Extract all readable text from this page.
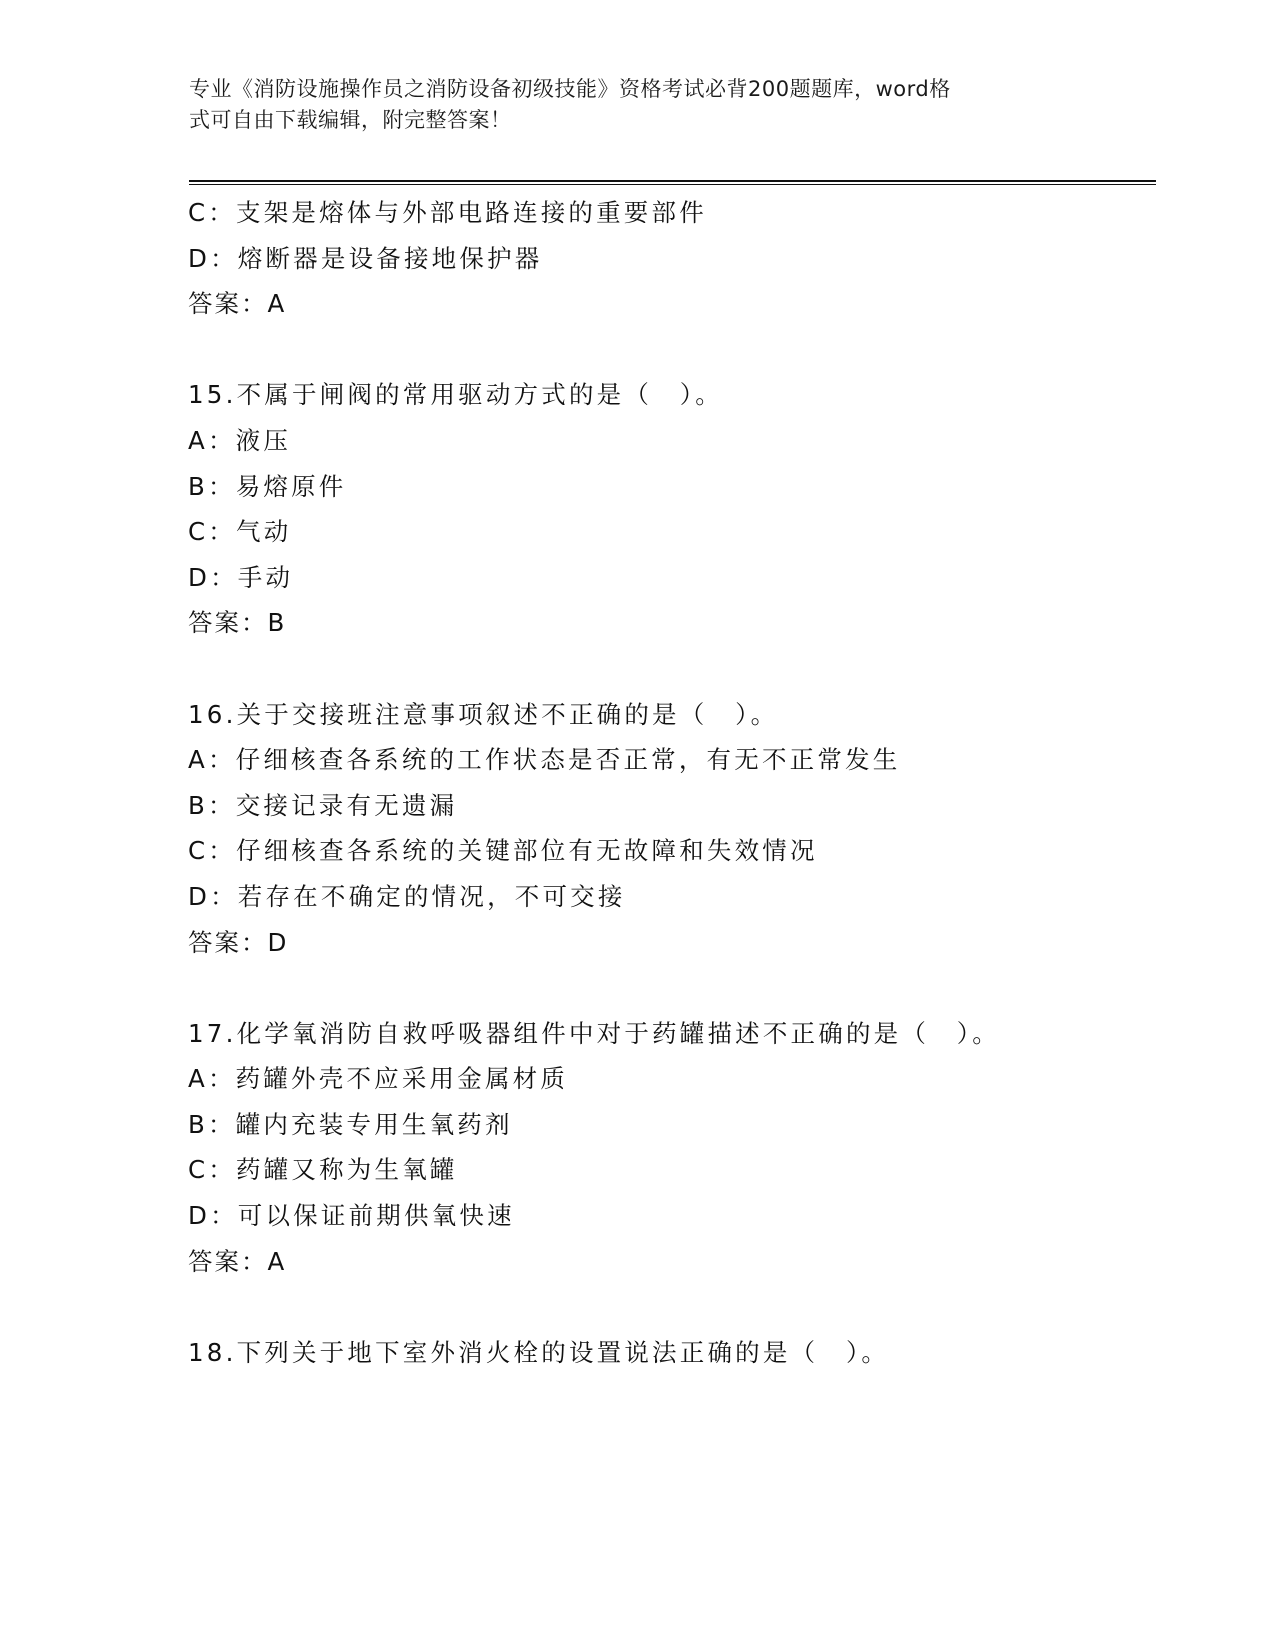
专业《消防设施操作员之消防设备初级技能》资格考试必背200题题库，word格
式可自由下载编辑，附完整答案！
C：支架是熔体与外部电路连接的重要部件
D：熔断器是设备接地保护器
答案：A
15.不属于闸阀的常用驱动方式的是（　）。
A：液压
B：易熔原件
C：气动
D：手动
答案：B
16.关于交接班注意事项叙述不正确的是（　）。
A：仔细核查各系统的工作状态是否正常，有无不正常发生
B：交接记录有无遗漏
C：仔细核查各系统的关键部位有无故障和失效情况
D：若存在不确定的情况，不可交接
答案：D
17.化学氧消防自救呼吸器组件中对于药罐描述不正确的是（　）。
A：药罐外壳不应采用金属材质
B：罐内充装专用生氧药剂
C：药罐又称为生氧罐
D：可以保证前期供氧快速
答案：A
18.下列关于地下室外消火栓的设置说法正确的是（　）。
